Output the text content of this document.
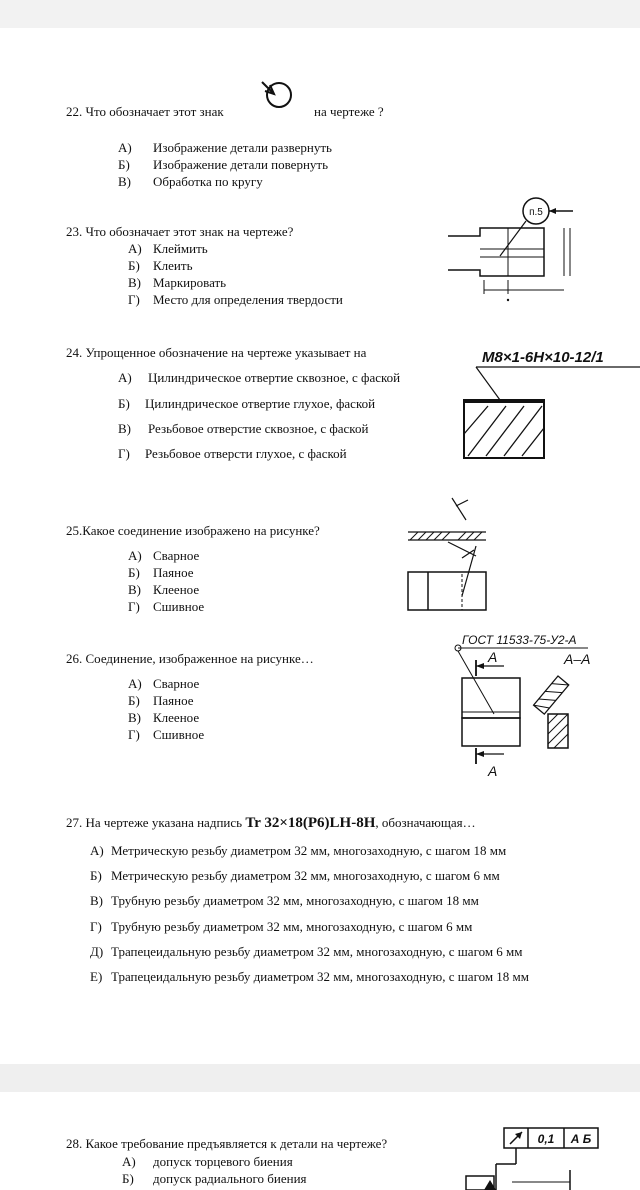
22. Что обозначает этот знак	на чертеже ?
А) Изображение детали развернуть
Б) Изображение детали повернуть
В) Обработка по кругу
23. Что обозначает этот знак на чертеже?
А) Клеймить
Б) Клеить
В) Маркировать
Г) Место для определения твердости
п.5
24. Упрощенное обозначение на чертеже указывает на
А) Цилиндрическое отвертие сквозное, с фаской
Б) Цилиндрическое отвертие глухое, фаской
В) Резьбовое отверстие сквозное, с фаской
Г) Резьбовое отверсти глухое, с фаской
M8×1-6H×10-12/1
25.Какое соединение изображено на рисунке?
А) Сварное
Б) Паяное
В) Клееное
Г) Сшивное
26. Соединение, изображенное на рисунке…
А) Сварное
Б) Паяное
В) Клееное
Г) Сшивное
ГОСТ 11533-75-У2-А
А	А–А
А
27. На чертеже указана надпись Tr 32×18(P6)LH-8H, обозначающая…
А) Метрическую резьбу диаметром 32 мм, многозаходную, с шагом 18 мм
Б) Метрическую резьбу диаметром 32 мм, многозаходную, с шагом 6 мм
В) Трубную резьбу диаметром 32 мм, многозаходную, с шагом 18 мм
Г) Трубную резьбу диаметром 32 мм, многозаходную, с шагом 6 мм
Д) Трапецеидальную резьбу диаметром 32 мм, многозаходную, с шагом 6 мм
Е) Трапецеидальную резьбу диаметром 32 мм, многозаходную, с шагом 18 мм
28. Какое требование предъявляется к детали на чертеже?
А) допуск торцевого биения
Б) допуск радиального биения
0,1 А Б
